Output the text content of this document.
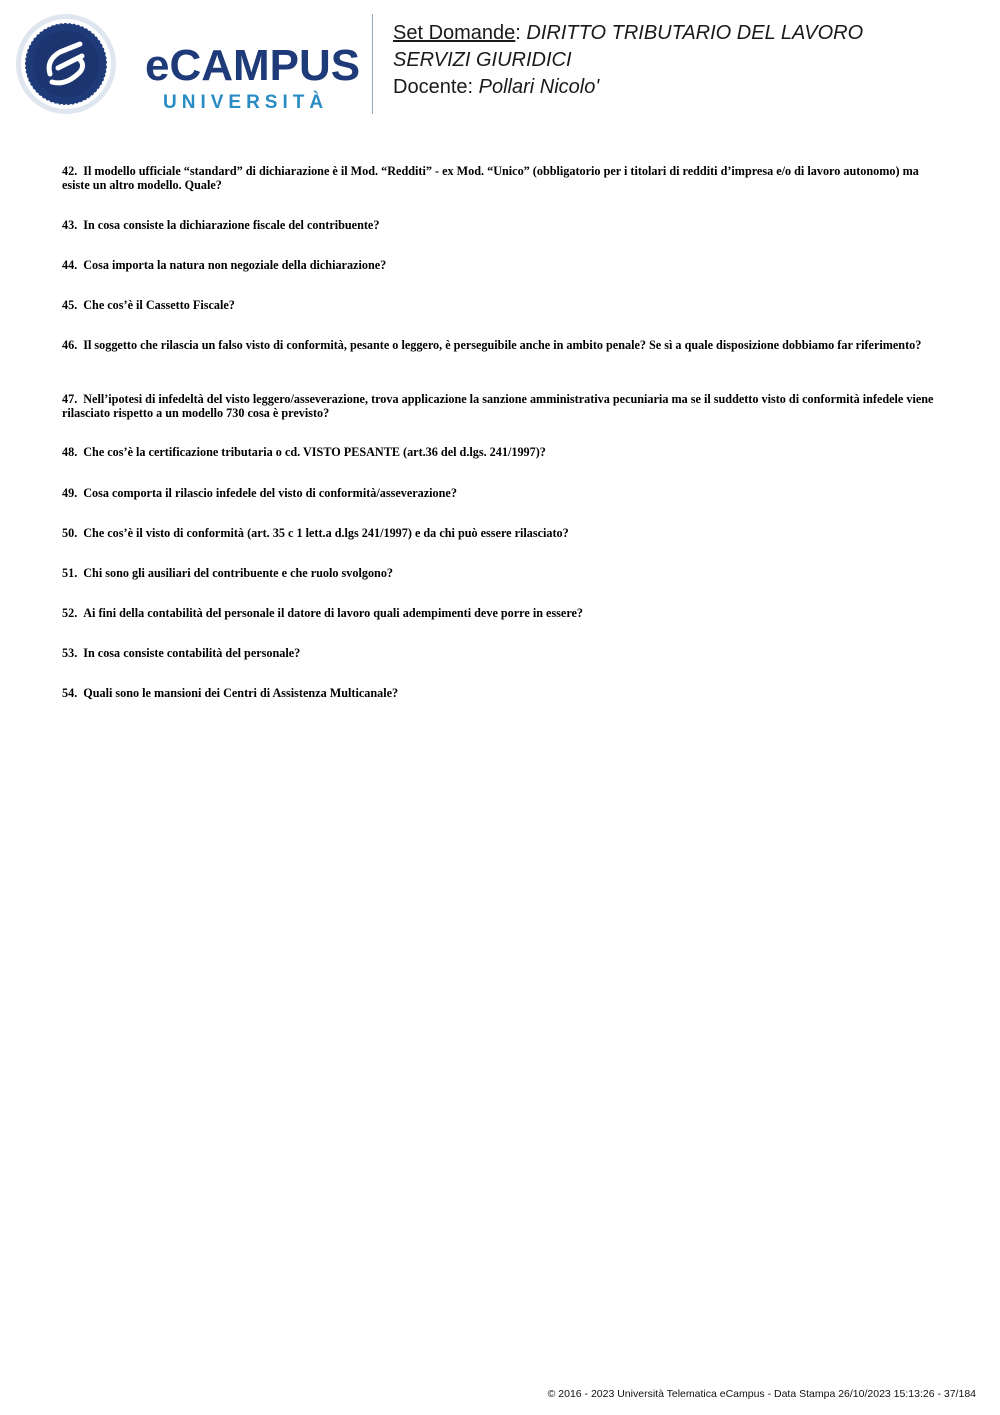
eCAMPUS
UNIVERSITÀ
Set Domande: DIRITTO TRIBUTARIO DEL LAVORO
SERVIZI GIURIDICI
Docente: Pollari Nicolo'
42. Il modello ufficiale “standard” di dichiarazione è il Mod. “Redditi” - ex Mod. “Unico” (obbligatorio per i titolari di redditi d’impresa e/o di lavoro autonomo) ma esiste un altro modello. Quale?
43. In cosa consiste la dichiarazione fiscale del contribuente?
44. Cosa importa la natura non negoziale della dichiarazione?
45. Che cos’è il Cassetto Fiscale?
46. Il soggetto che rilascia un falso visto di conformità, pesante o leggero, è perseguibile anche in ambito penale? Se sì a quale disposizione dobbiamo far riferimento?
47. Nell’ipotesi di infedeltà del visto leggero/asseverazione, trova applicazione la sanzione amministrativa pecuniaria ma se il suddetto visto di conformità infedele viene rilasciato rispetto a un modello 730 cosa è previsto?
48. Che cos’è la certificazione tributaria o cd. VISTO PESANTE (art.36 del d.lgs. 241/1997)?
49. Cosa comporta il rilascio infedele del visto di conformità/asseverazione?
50. Che cos’è il visto di conformità (art. 35 c 1 lett.a d.lgs 241/1997) e da chi può essere rilasciato?
51. Chi sono gli ausiliari del contribuente e che ruolo svolgono?
52. Ai fini della contabilità del personale il datore di lavoro quali adempimenti deve porre in essere?
53. In cosa consiste contabilità del personale?
54. Quali sono le mansioni dei Centri di Assistenza Multicanale?
© 2016 - 2023 Università Telematica eCampus - Data Stampa 26/10/2023 15:13:26 - 37/184
